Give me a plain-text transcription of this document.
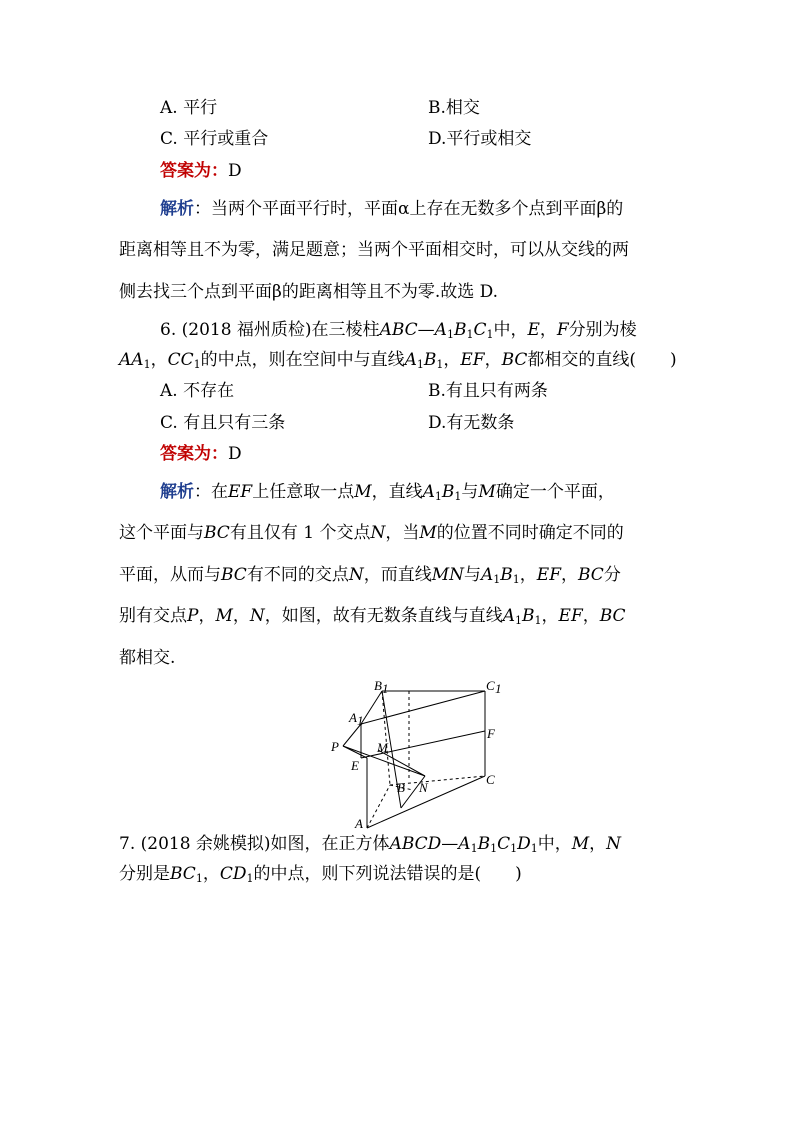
A. 平行	B.相交
C. 平行或重合	D.平行或相交
答案为：D
解析：当两个平面平行时，平面α上存在无数多个点到平面β的
距离相等且不为零，满足题意；当两个平面相交时，可以从交线的两
侧去找三个点到平面β的距离相等且不为零.故选 D.
6. (2018 福州质检)在三棱柱$ABC—A_1B_1C_1$中，E，F分别为棱
$AA_1$，$CC_1$的中点，则在空间中与直线$A_1B_1$，EF，BC都相交的直线(　　)
A. 不存在	B.有且只有两条
C. 有且只有三条	D.有无数条
答案为：D
解析：在EF上任意取一点M，直线$A_1B_1$与M确定一个平面，
这个平面与BC有且仅有 1 个交点N，当M的位置不同时确定不同的
平面，从而与BC有不同的交点N，而直线MN与$A_1B_1$，EF，BC分
别有交点P，M，N，如图，故有无数条直线与直线$A_1B_1$，EF，BC
都相交.
B 1	C 1
A 1
F
P	M
E
B N
C
A
7. (2018 余姚模拟)如图，在正方体$ABCD—A_1B_1C_1D_1$中，M，N
分别是$BC_1$，$CD_1$的中点，则下列说法错误的是(　　)
